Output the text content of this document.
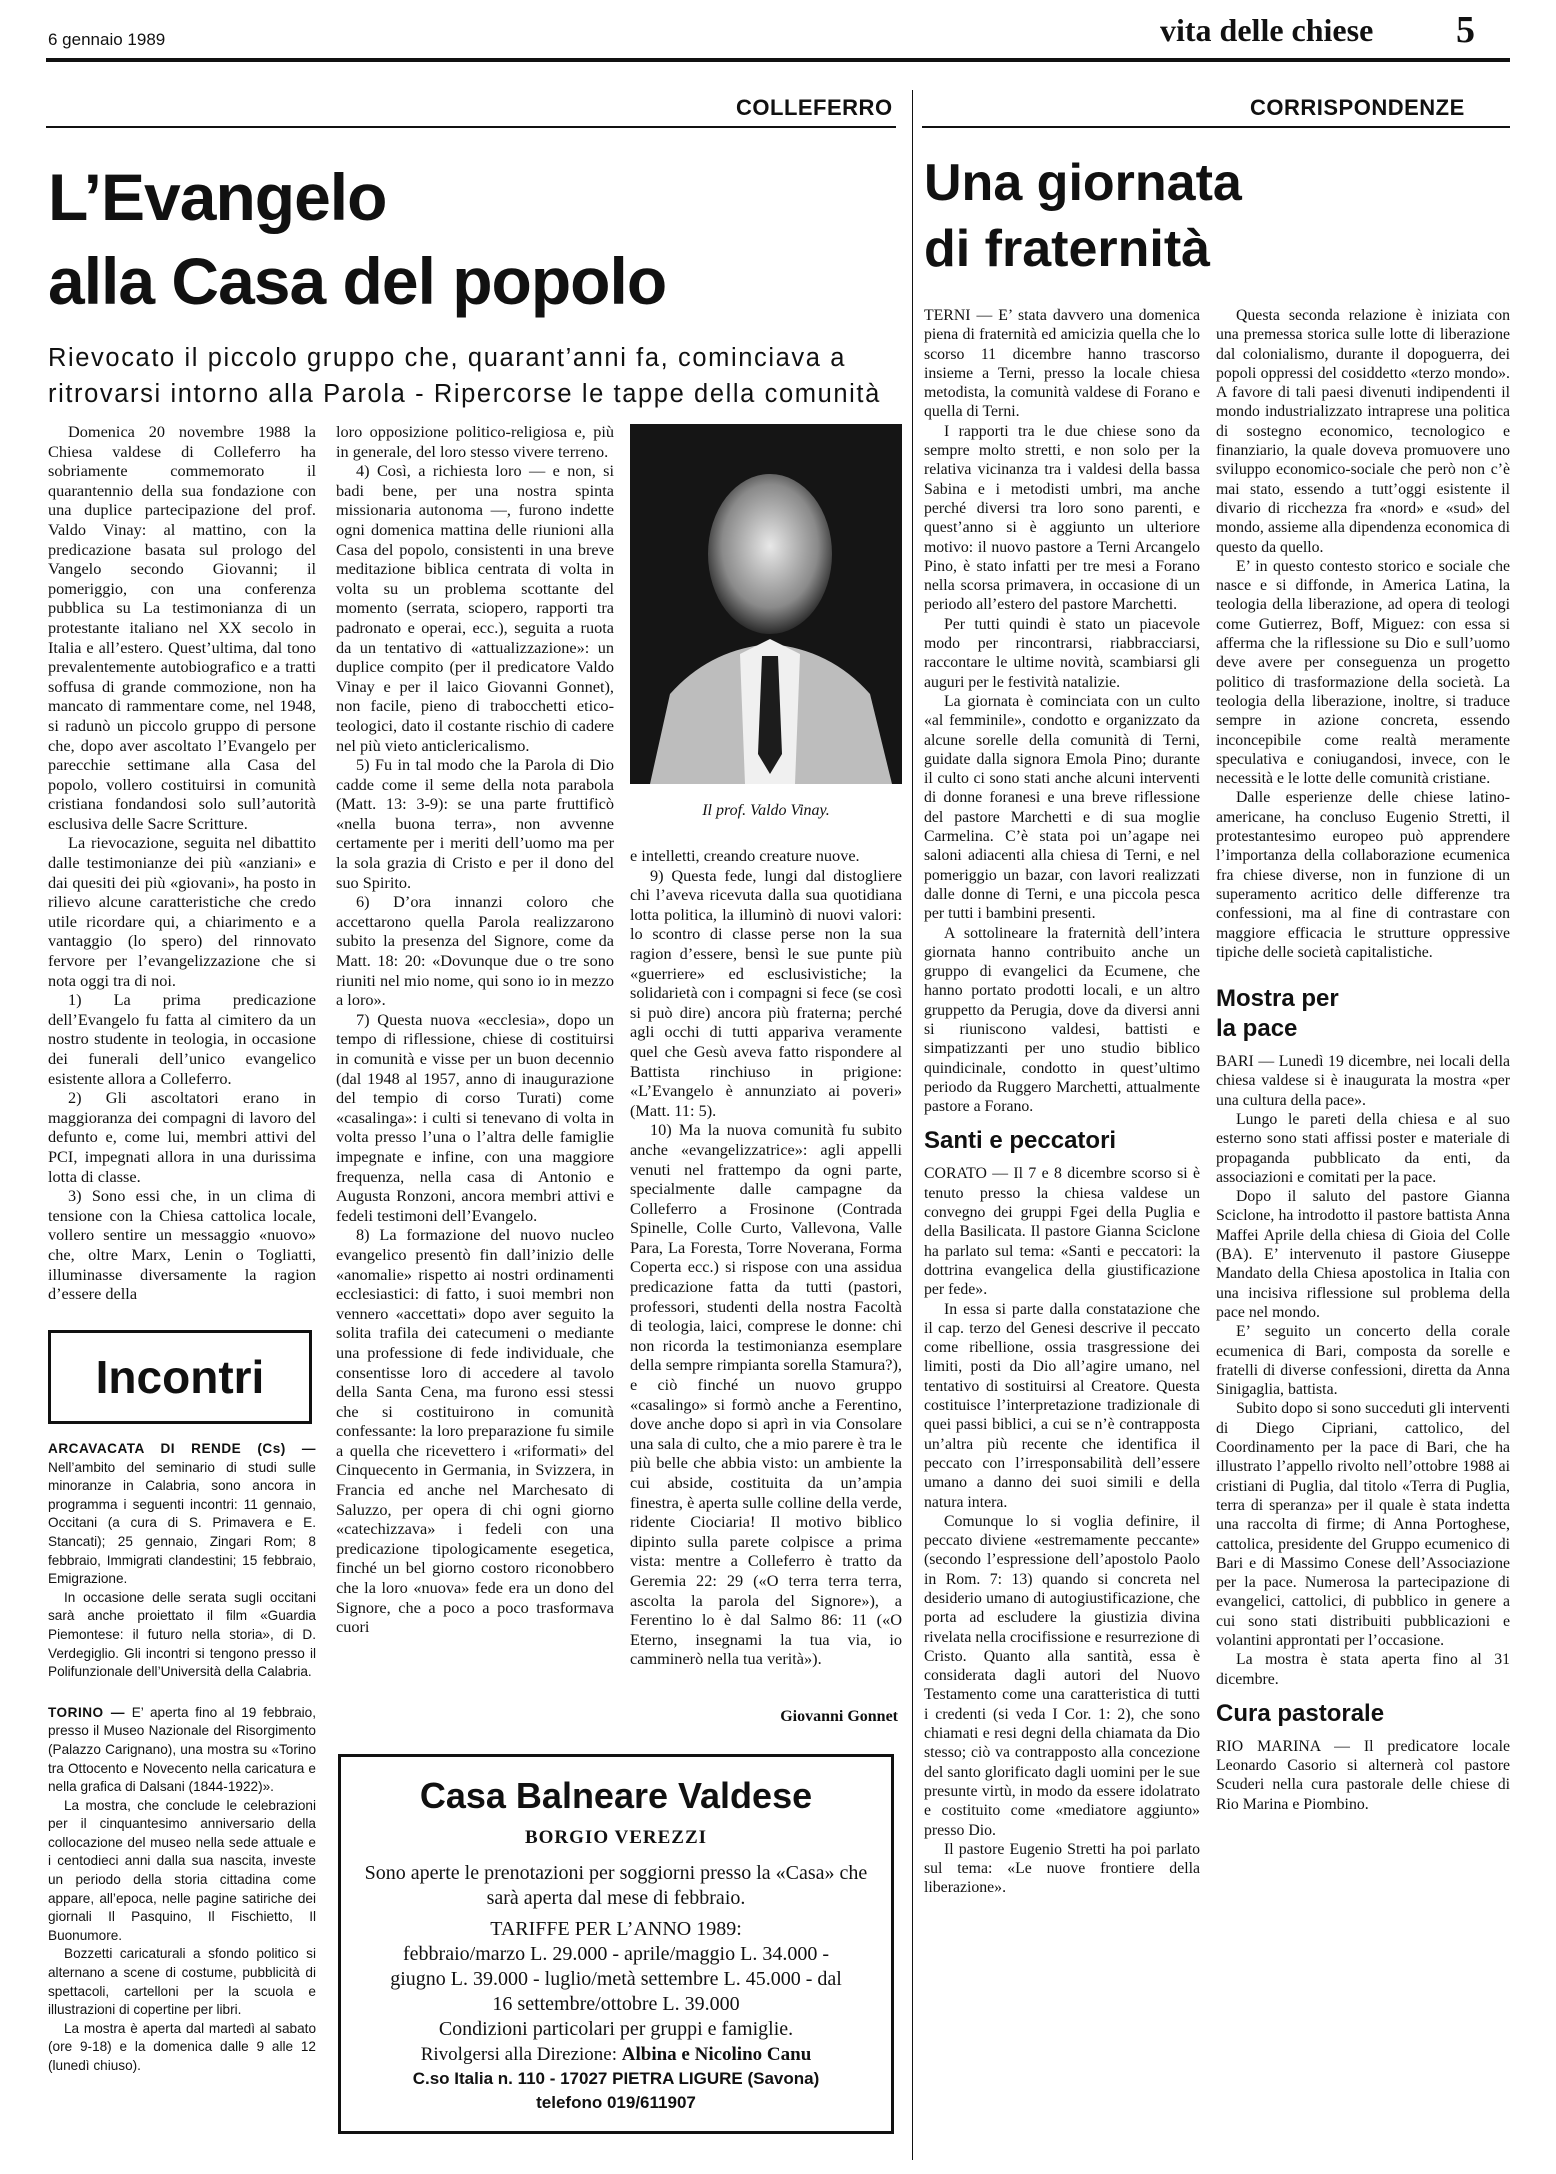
6 gennaio 1989	vita delle chiese 5
COLLEFERRO	CORRISPONDENZE
L’Evangelo
alla Casa del popolo
Rievocato il piccolo gruppo che, quarant’anni fa, cominciava a ritrovarsi intorno alla Parola - Ripercorse le tappe della comunità

Domenica 20 novembre 1988 la Chiesa valdese di Colleferro ha sobriamente commemorato il quarantennio della sua fondazione con una duplice partecipazione del prof. Valdo Vinay: al mattino, con la predicazione basata sul prologo del Vangelo secondo Giovanni; il pomeriggio, con una conferenza pubblica su La testimonianza di un protestante italiano nel XX secolo in Italia e all’estero. Quest’ultima, dal tono prevalentemente autobiografico e a tratti soffusa di grande commozione, non ha mancato di rammentare come, nel 1948, si radunò un piccolo gruppo di persone che, dopo aver ascoltato l’Evangelo per parecchie settimane alla Casa del popolo, vollero costituirsi in comunità cristiana fondandosi solo sull’autorità esclusiva delle Sacre Scritture.

La rievocazione, seguita nel dibattito dalle testimonianze dei più «anziani» e dai quesiti dei più «giovani», ha posto in rilievo alcune caratteristiche che credo utile ricordare qui, a chiarimento e a vantaggio (lo spero) del rinnovato fervore per l’evangelizzazione che si nota oggi tra di noi.

1) La prima predicazione dell’Evangelo fu fatta al cimitero da un nostro studente in teologia, in occasione dei funerali dell’unico evangelico esistente allora a Colleferro.

2) Gli ascoltatori erano in maggioranza dei compagni di lavoro del defunto e, come lui, membri attivi del PCI, impegnati allora in una durissima lotta di classe.

3) Sono essi che, in un clima di tensione con la Chiesa cattolica locale, vollero sentire un messaggio «nuovo» che, oltre Marx, Lenin o Togliatti, illuminasse diversamente la ragion d’essere della

loro opposizione politico-religiosa e, più in generale, del loro stesso vivere terreno.

4) Così, a richiesta loro — e non, si badi bene, per una nostra spinta missionaria autonoma —, furono indette ogni domenica mattina delle riunioni alla Casa del popolo, consistenti in una breve meditazione biblica centrata di volta in volta su un problema scottante del momento (serrata, sciopero, rapporti tra padronato e operai, ecc.), seguita a ruota da un tentativo di «attualizzazione»: un duplice compito (per il predicatore Valdo Vinay e per il laico Giovanni Gonnet), non facile, pieno di trabocchetti etico-teologici, dato il costante rischio di cadere nel più vieto anticlericalismo.

5) Fu in tal modo che la Parola di Dio cadde come il seme della nota parabola (Matt. 13: 3-9): se una parte fruttificò «nella buona terra», non avvenne certamente per i meriti dell’uomo ma per la sola grazia di Cristo e per il dono del suo Spirito.

6) D’ora innanzi coloro che accettarono quella Parola realizzarono subito la presenza del Signore, come da Matt. 18: 20: «Dovunque due o tre sono riuniti nel mio nome, qui sono io in mezzo a loro».

7) Questa nuova «ecclesia», dopo un tempo di riflessione, chiese di costituirsi in comunità e visse per un buon decennio (dal 1948 al 1957, anno di inaugurazione del tempio di corso Turati) come «casalinga»: i culti si tenevano di volta in volta presso l’una o l’altra delle famiglie impegnate e infine, con una maggiore frequenza, nella casa di Antonio e Augusta Ronzoni, ancora membri attivi e fedeli testimoni dell’Evangelo.

8) La formazione del nuovo nucleo evangelico presentò fin dall’inizio delle «anomalie» rispetto ai nostri ordinamenti ecclesiastici: di fatto, i suoi membri non vennero «accettati» dopo aver seguito la solita trafila dei catecumeni o mediante una professione di fede individuale, che consentisse loro di accedere al tavolo della Santa Cena, ma furono essi stessi che si costituirono in comunità confessante: la loro preparazione fu simile a quella che ricevettero i «riformati» del Cinquecento in Germania, in Svizzera, in Francia ed anche nel Marchesato di Saluzzo, per opera di chi ogni giorno «catechizzava» i fedeli con una predicazione tipologicamente esegetica, finché un bel giorno costoro riconobbero che la loro «nuova» fede era un dono del Signore, che a poco a poco trasformava cuori

Il prof. Valdo Vinay.

e intelletti, creando creature nuove.

9) Questa fede, lungi dal distogliere chi l’aveva ricevuta dalla sua quotidiana lotta politica, la illuminò di nuovi valori: lo scontro di classe perse non la sua ragion d’essere, bensì le sue punte più «guerriere» ed esclusivistiche; la solidarietà con i compagni si fece (se così si può dire) ancora più fraterna; perché agli occhi di tutti appariva veramente quel che Gesù aveva fatto rispondere al Battista rinchiuso in prigione: «L’Evangelo è annunziato ai poveri» (Matt. 11: 5).

10) Ma la nuova comunità fu subito anche «evangelizzatrice»: agli appelli venuti nel frattempo da ogni parte, specialmente dalle campagne da Colleferro a Frosinone (Contrada Spinelle, Colle Curto, Vallevona, Valle Para, La Foresta, Torre Noverana, Forma Coperta ecc.) si rispose con una assidua predicazione fatta da tutti (pastori, professori, studenti della nostra Facoltà di teologia, laici, comprese le donne: chi non ricorda la testimonianza esemplare della sempre rimpianta sorella Stamura?), e ciò finché un nuovo gruppo «casalingo» si formò anche a Ferentino, dove anche dopo si aprì in via Consolare una sala di culto, che a mio parere è tra le più belle che abbia visto: un ambiente la cui abside, costituita da un’ampia finestra, è aperta sulle colline della verde, ridente Ciociaria! Il motivo biblico dipinto sulla parete colpisce a prima vista: mentre a Colleferro è tratto da Geremia 22: 29 («O terra terra terra, ascolta la parola del Signore»), a Ferentino lo è dal Salmo 86: 11 («O Eterno, insegnami la tua via, io camminerò nella tua verità»).

Giovanni Gonnet
Incontri

ARCAVACATA DI RENDE (Cs) — Nell’ambito del seminario di studi sulle minoranze in Calabria, sono ancora in programma i seguenti incontri: 11 gennaio, Occitani (a cura di S. Primavera e E. Stancati); 25 gennaio, Zingari Rom; 8 febbraio, Immigrati clandestini; 15 febbraio, Emigrazione.

In occasione delle serata sugli occitani sarà anche proiettato il film «Guardia Piemontese: il futuro nella storia», di D. Verdegiglio. Gli incontri si tengono presso il Polifunzionale dell’Università della Calabria.

TORINO — E’ aperta fino al 19 febbraio, presso il Museo Nazionale del Risorgimento (Palazzo Carignano), una mostra su «Torino tra Ottocento e Novecento nella caricatura e nella grafica di Dalsani (1844-1922)».

La mostra, che conclude le celebrazioni per il cinquantesimo anniversario della collocazione del museo nella sede attuale e i centodieci anni dalla sua nascita, investe un periodo della storia cittadina come appare, all’epoca, nelle pagine satiriche dei giornali Il Pasquino, Il Fischietto, Il Buonumore.

Bozzetti caricaturali a sfondo politico si alternano a scene di costume, pubblicità di spettacoli, cartelloni per la scuola e illustrazioni di copertine per libri.

La mostra è aperta dal martedì al sabato (ore 9-18) e la domenica dalle 9 alle 12 (lunedì chiuso).

Casa Balneare Valdese
BORGIO VEREZZI
Sono aperte le prenotazioni per soggiorni presso la «Casa» che sarà aperta dal mese di febbraio.
TARIFFE PER L’ANNO 1989:
febbraio/marzo L. 29.000 - aprile/maggio L. 34.000 -
giugno L. 39.000 - luglio/metà settembre L. 45.000 - dal
16 settembre/ottobre L. 39.000
Condizioni particolari per gruppi e famiglie.
Rivolgersi alla Direzione: Albina e Nicolino Canu
C.so Italia n. 110 - 17027 PIETRA LIGURE (Savona)
telefono 019/611907
Una giornata
di fraternità

TERNI — E’ stata davvero una domenica piena di fraternità ed amicizia quella che lo scorso 11 dicembre hanno trascorso insieme a Terni, presso la locale chiesa metodista, la comunità valdese di Forano e quella di Terni.

I rapporti tra le due chiese sono da sempre molto stretti, e non solo per la relativa vicinanza tra i valdesi della bassa Sabina e i metodisti umbri, ma anche perché diversi tra loro sono parenti, e quest’anno si è aggiunto un ulteriore motivo: il nuovo pastore a Terni Arcangelo Pino, è stato infatti per tre mesi a Forano nella scorsa primavera, in occasione di un periodo all’estero del pastore Marchetti.

Per tutti quindi è stato un piacevole modo per rincontrarsi, riabbracciarsi, raccontare le ultime novità, scambiarsi gli auguri per le festività natalizie.

La giornata è cominciata con un culto «al femminile», condotto e organizzato da alcune sorelle della comunità di Terni, guidate dalla signora Emola Pino; durante il culto ci sono stati anche alcuni interventi di donne foranesi e una breve riflessione del pastore Marchetti e di sua moglie Carmelina. C’è stata poi un’agape nei saloni adiacenti alla chiesa di Terni, e nel pomeriggio un bazar, con lavori realizzati dalle donne di Terni, e una piccola pesca per tutti i bambini presenti.

A sottolineare la fraternità dell’intera giornata hanno contribuito anche un gruppo di evangelici da Ecumene, che hanno portato prodotti locali, e un altro gruppetto da Perugia, dove da diversi anni si riuniscono valdesi, battisti e simpatizzanti per uno studio biblico quindicinale, condotto in quest’ultimo periodo da Ruggero Marchetti, attualmente pastore a Forano.

Santi e peccatori

CORATO — Il 7 e 8 dicembre scorso si è tenuto presso la chiesa valdese un convegno dei gruppi Fgei della Puglia e della Basilicata. Il pastore Gianna Sciclone ha parlato sul tema: «Santi e peccatori: la dottrina evangelica della giustificazione per fede».

In essa si parte dalla constatazione che il cap. terzo del Genesi descrive il peccato come ribellione, ossia trasgressione dei limiti, posti da Dio all’agire umano, nel tentativo di sostituirsi al Creatore. Questa costituisce l’interpretazione tradizionale di quei passi biblici, a cui se n’è contrapposta un’altra più recente che identifica il peccato con l’irresponsabilità dell’essere umano a danno dei suoi simili e della natura intera.

Comunque lo si voglia definire, il peccato diviene «estremamente peccante» (secondo l’espressione dell’apostolo Paolo in Rom. 7: 13) quando si concreta nel desiderio umano di autogiustificazione, che porta ad escludere la giustizia divina rivelata nella crocifissione e resurrezione di Cristo. Quanto alla santità, essa è considerata dagli autori del Nuovo Testamento come una caratteristica di tutti i credenti (si veda I Cor. 1: 2), che sono chiamati e resi degni della chiamata da Dio stesso; ciò va contrapposto alla concezione del santo glorificato dagli uomini per le sue presunte virtù, in modo da essere idolatrato e costituito come «mediatore aggiunto» presso Dio.

Il pastore Eugenio Stretti ha poi parlato sul tema: «Le nuove frontiere della liberazione».

Questa seconda relazione è iniziata con una premessa storica sulle lotte di liberazione dal colonialismo, durante il dopoguerra, dei popoli oppressi del cosiddetto «terzo mondo». A favore di tali paesi divenuti indipendenti il mondo industrializzato intraprese una politica di sostegno economico, tecnologico e finanziario, la quale doveva promuovere uno sviluppo economico-sociale che però non c’è mai stato, essendo a tutt’oggi esistente il divario di ricchezza fra «nord» e «sud» del mondo, assieme alla dipendenza economica di questo da quello.

E’ in questo contesto storico e sociale che nasce e si diffonde, in America Latina, la teologia della liberazione, ad opera di teologi come Gutierrez, Boff, Miguez: con essa si afferma che la riflessione su Dio e sull’uomo deve avere per conseguenza un progetto politico di trasformazione della società. La teologia della liberazione, inoltre, si traduce sempre in azione concreta, essendo inconcepibile come realtà meramente speculativa e coniugandosi, invece, con le necessità e le lotte delle comunità cristiane.

Dalle esperienze delle chiese latino-americane, ha concluso Eugenio Stretti, il protestantesimo europeo può apprendere l’importanza della collaborazione ecumenica fra chiese diverse, non in funzione di un superamento acritico delle differenze tra confessioni, ma al fine di contrastare con maggiore efficacia le strutture oppressive tipiche delle società capitalistiche.

Mostra per
la pace

BARI — Lunedì 19 dicembre, nei locali della chiesa valdese si è inaugurata la mostra «per una cultura della pace».

Lungo le pareti della chiesa e al suo esterno sono stati affissi poster e materiale di propaganda pubblicato da enti, da associazioni e comitati per la pace.

Dopo il saluto del pastore Gianna Sciclone, ha introdotto il pastore battista Anna Maffei Aprile della chiesa di Gioia del Colle (BA). E’ intervenuto il pastore Giuseppe Mandato della Chiesa apostolica in Italia con una incisiva riflessione sul problema della pace nel mondo.

E’ seguito un concerto della corale ecumenica di Bari, composta da sorelle e fratelli di diverse confessioni, diretta da Anna Sinigaglia, battista.

Subito dopo si sono succeduti gli interventi di Diego Cipriani, cattolico, del Coordinamento per la pace di Bari, che ha illustrato l’appello rivolto nell’ottobre 1988 ai cristiani di Puglia, dal titolo «Terra di Puglia, terra di speranza» per il quale è stata indetta una raccolta di firme; di Anna Portoghese, cattolica, presidente del Gruppo ecumenico di Bari e di Massimo Conese dell’Associazione per la pace. Numerosa la partecipazione di evangelici, cattolici, di pubblico in genere a cui sono stati distribuiti pubblicazioni e volantini approntati per l’occasione.

La mostra è stata aperta fino al 31 dicembre.

Cura pastorale

RIO MARINA — Il predicatore locale Leonardo Casorio si alternerà col pastore Scuderi nella cura pastorale delle chiese di Rio Marina e Piombino.
